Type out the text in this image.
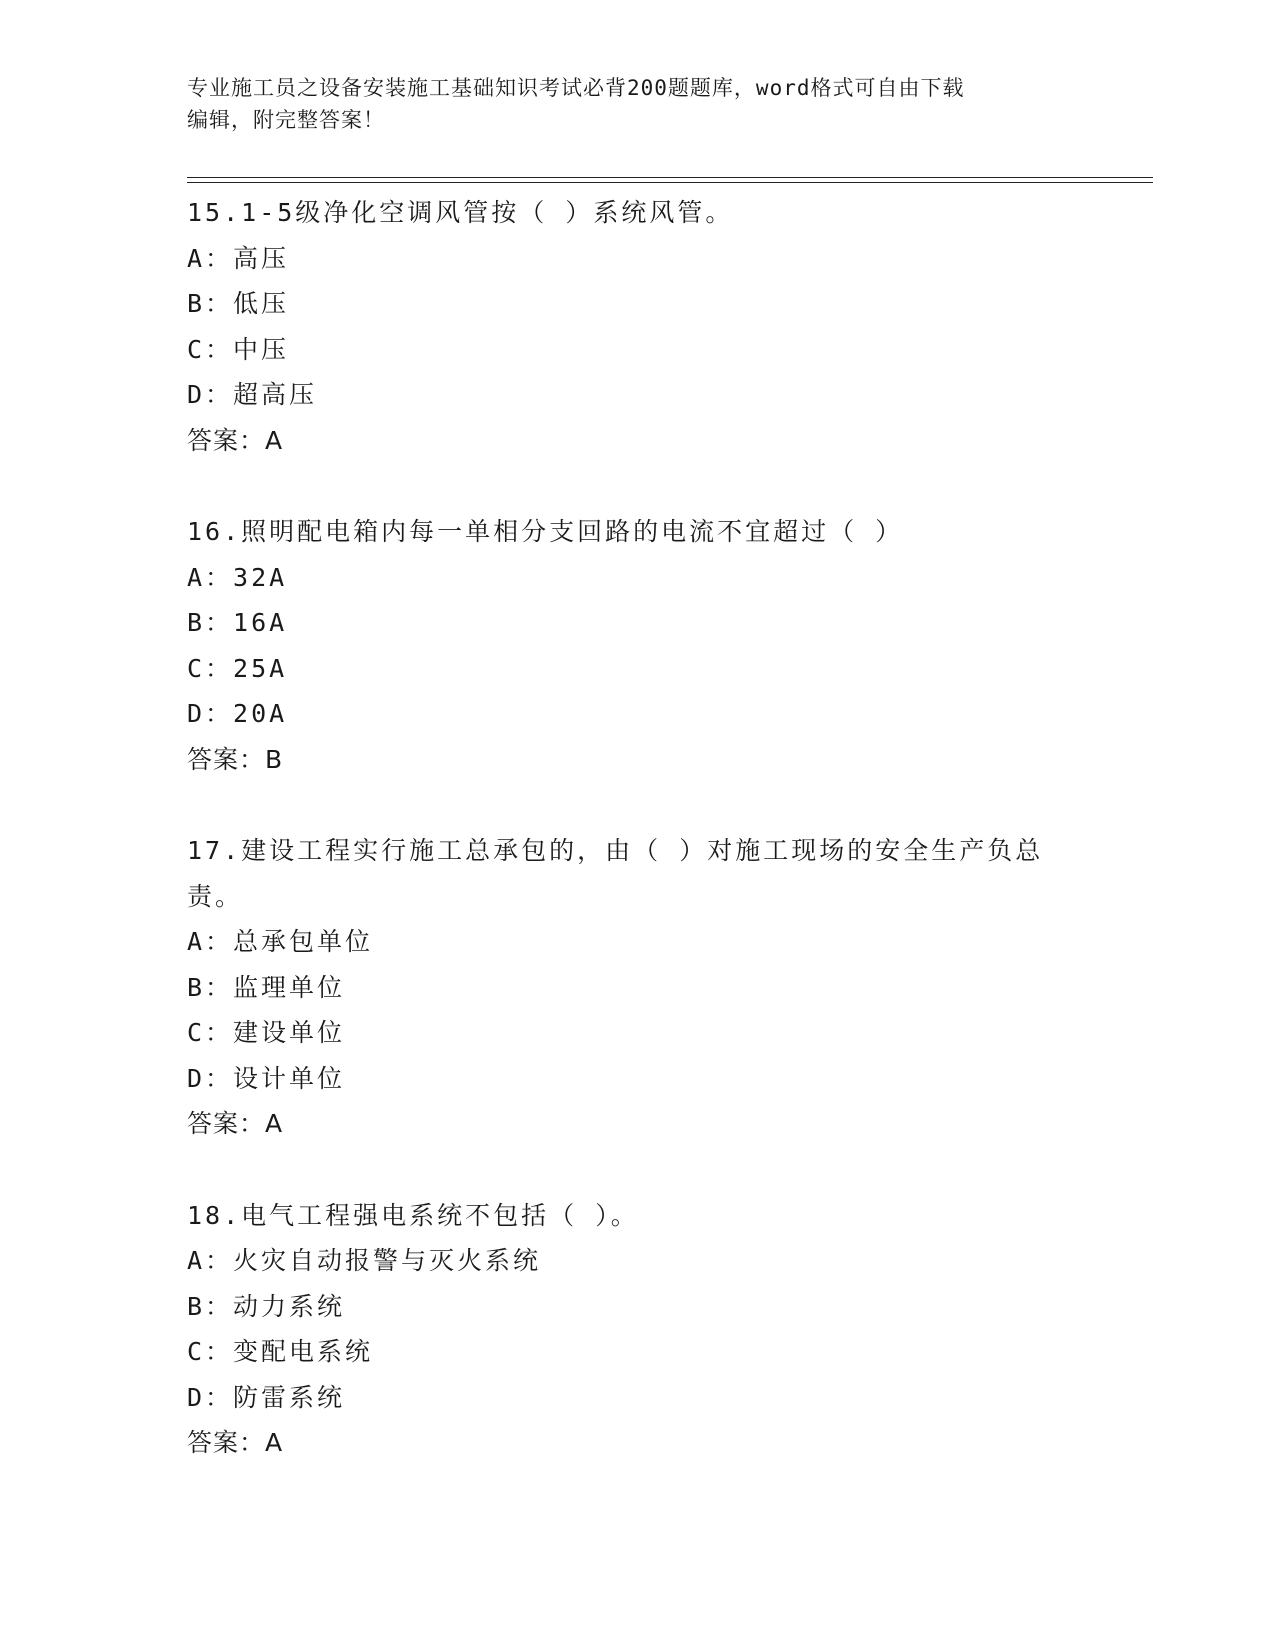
专业施工员之设备安装施工基础知识考试必背200题题库，word格式可自由下载
编辑，附完整答案！
15.1-5级净化空调风管按（ ）系统风管。
A：高压
B：低压
C：中压
D：超高压
答案：A
16.照明配电箱内每一单相分支回路的电流不宜超过（ ）
A：32A
B：16A
C：25A
D：20A
答案：B
17.建设工程实行施工总承包的，由（ ）对施工现场的安全生产负总
责。
A：总承包单位
B：监理单位
C：建设单位
D：设计单位
答案：A
18.电气工程强电系统不包括（ ）。
A：火灾自动报警与灭火系统
B：动力系统
C：变配电系统
D：防雷系统
答案：A
